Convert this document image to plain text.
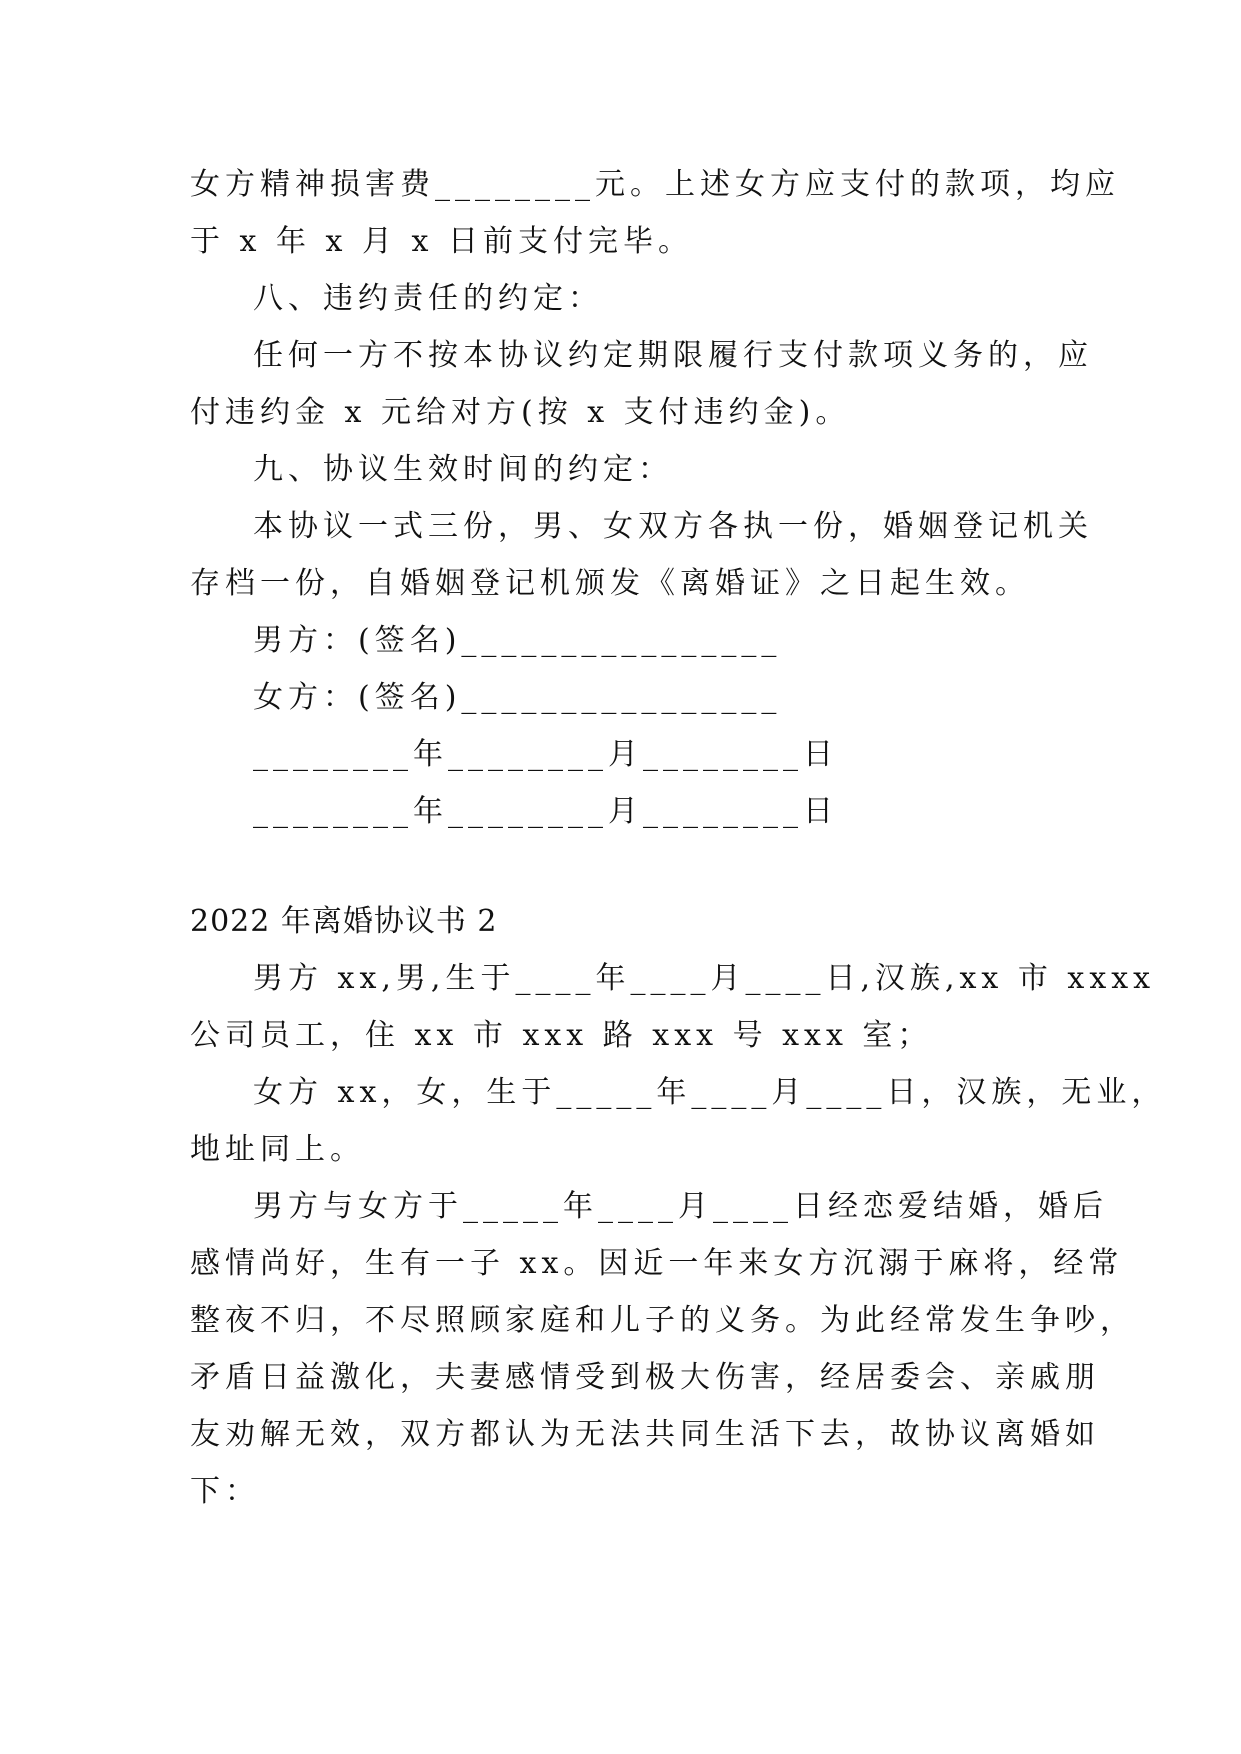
女方精神损害费________元。上述女方应支付的款项，均应
于 x 年 x 月 x 日前支付完毕。
八、违约责任的约定：
任何一方不按本协议约定期限履行支付款项义务的，应
付违约金 x 元给对方(按 x 支付违约金)。
九、协议生效时间的约定：
本协议一式三份，男、女双方各执一份，婚姻登记机关
存档一份，自婚姻登记机颁发《离婚证》之日起生效。
男方：(签名)________________
女方：(签名)________________
________年________月________日
________年________月________日
2022 年离婚协议书 2
男方 xx,男,生于____年____月____日,汉族,xx 市 xxxx
公司员工，住 xx 市 xxx 路 xxx 号 xxx 室；
女方 xx，女，生于_____年____月____日，汉族，无业，
地址同上。
男方与女方于_____年____月____日经恋爱结婚，婚后
感情尚好，生有一子 xx。因近一年来女方沉溺于麻将，经常
整夜不归，不尽照顾家庭和儿子的义务。为此经常发生争吵，
矛盾日益激化，夫妻感情受到极大伤害，经居委会、亲戚朋
友劝解无效，双方都认为无法共同生活下去，故协议离婚如
下：
